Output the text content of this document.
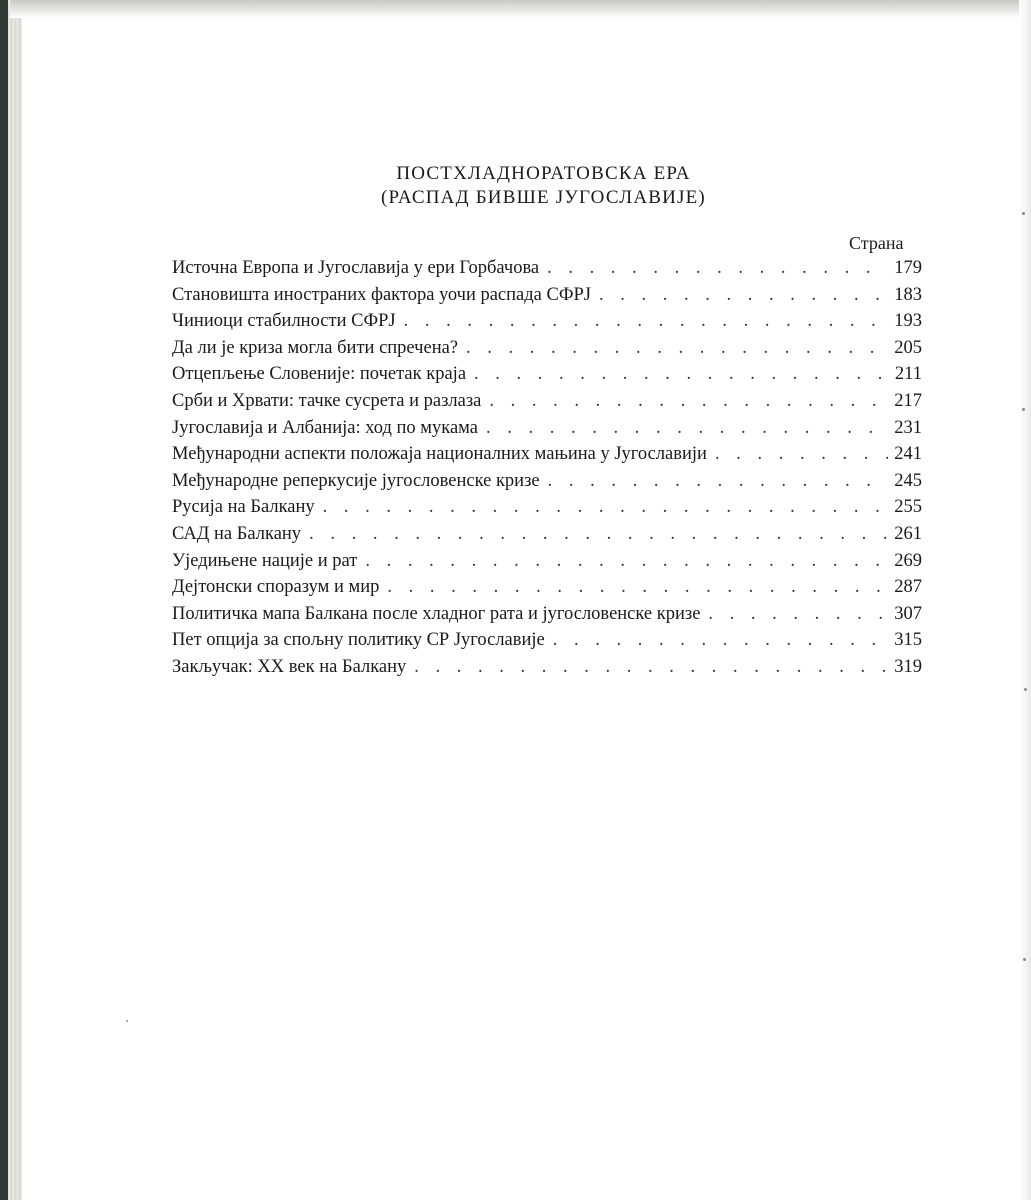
ПОСТХЛАДНОРАТОВСКА ЕРА
(РАСПАД БИВШЕ ЈУГОСЛАВИЈЕ)
Страна
Источна Европа и Југославија у ери Горбачова . . .	179
Становишта иностраних фактора уочи распада СФРЈ . . .	183
Чиниоци стабилности СФРЈ . . .	193
Да ли је криза могла бити спречена? . . .	205
Отцепљење Словеније: почетак краја . . .	211
Срби и Хрвати: тачке сусрета и разлаза . . .	217
Југославија и Албанија: ход по мукама . . .	231
Међународни аспекти положаја националних мањина у Југославији . . .	241
Међународне реперкусије југословенске кризе . . .	245
Русија на Балкану . . .	255
САД на Балкану . . .	261
Уједињене нације и рат . . .	269
Дејтонски споразум и мир . . .	287
Политичка мапа Балкана после хладног рата и југословенске кризе . . .	307
Пет опција за спољну политику СР Југославије . . .	315
Закључак: XX век на Балкану . . .	319
